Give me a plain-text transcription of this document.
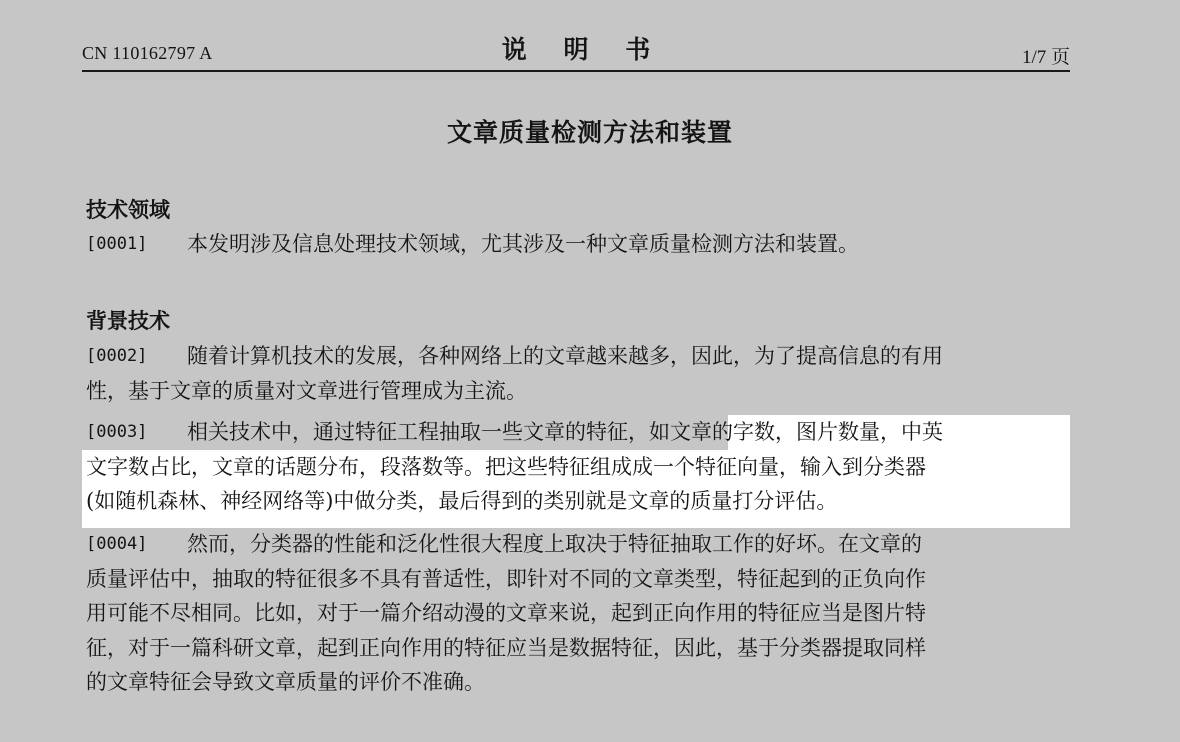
CN 110162797 A	说 明 书	1/7 页
文章质量检测方法和装置
技术领域
[0001] 本发明涉及信息处理技术领域，尤其涉及一种文章质量检测方法和装置。
背景技术
[0002] 随着计算机技术的发展，各种网络上的文章越来越多，因此，为了提高信息的有用
性，基于文章的质量对文章进行管理成为主流。
[0003] 相关技术中，通过特征工程抽取一些文章的特征，如文章的字数，图片数量，中英
文字数占比，文章的话题分布，段落数等。把这些特征组成成一个特征向量，输入到分类器
(如随机森林、神经网络等)中做分类，最后得到的类别就是文章的质量打分评估。
[0004] 然而，分类器的性能和泛化性很大程度上取决于特征抽取工作的好坏。在文章的
质量评估中，抽取的特征很多不具有普适性，即针对不同的文章类型，特征起到的正负向作
用可能不尽相同。比如，对于一篇介绍动漫的文章来说，起到正向作用的特征应当是图片特
征，对于一篇科研文章，起到正向作用的特征应当是数据特征，因此，基于分类器提取同样
的文章特征会导致文章质量的评价不准确。
